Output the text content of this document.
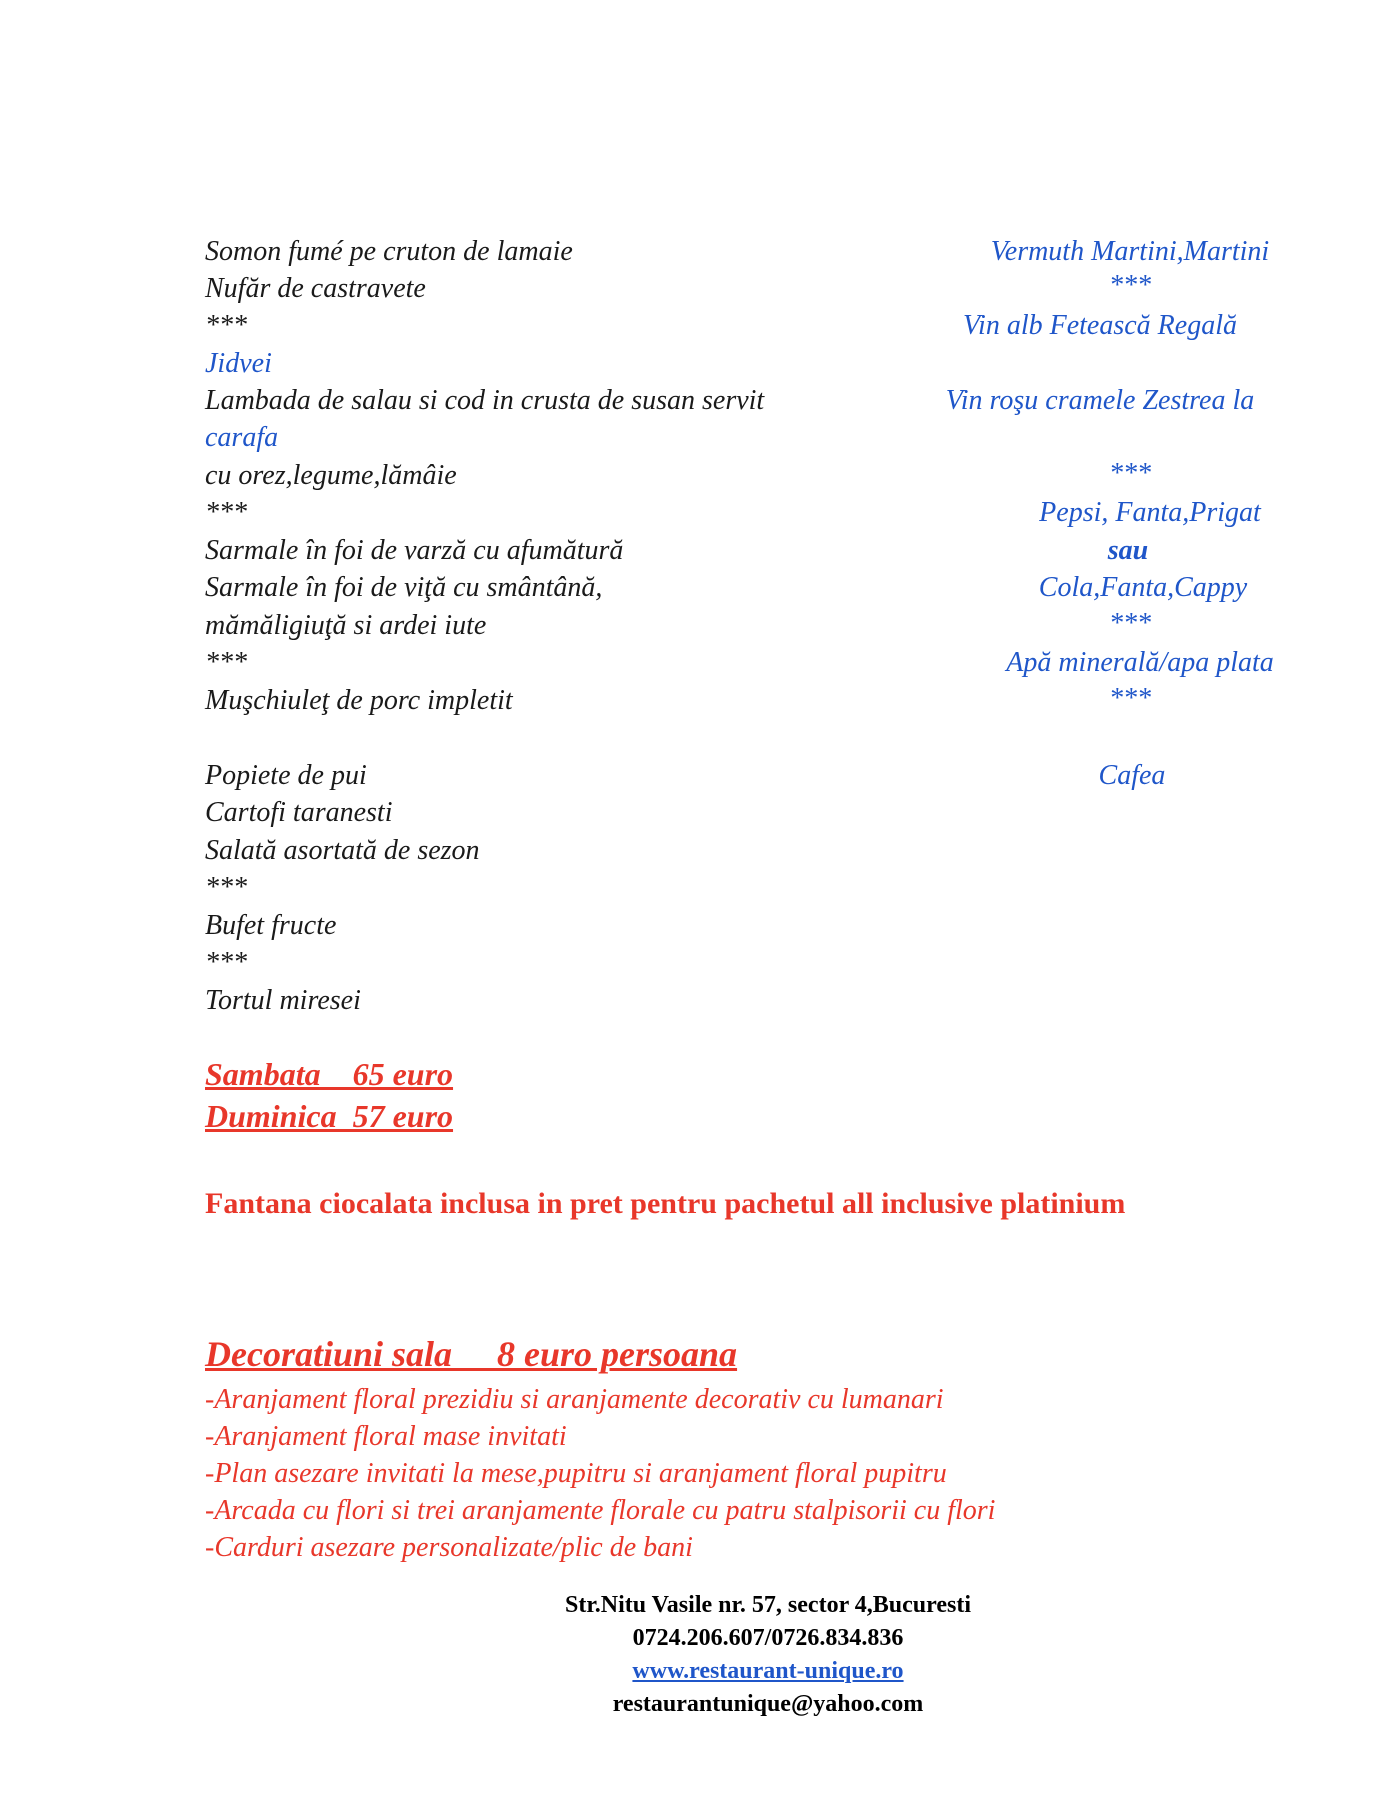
Somon fumé pe cruton de lamaie
Nufăr de castravete
***
Jidvei
Lambada de salau si cod in crusta de susan servit
carafa
cu orez,legume,lămâie
***
Sarmale în foi de varză cu afumătură
Sarmale în foi de viţă cu smântână,
mămăligiuţă si ardei iute
***
Muşchiuleţ de porc impletit
Popiete de pui
Cartofi taranesti
Salată asortată de sezon
***
Bufet fructe
***
Tortul miresei
Vermuth Martini,Martini
***
Vin alb Fetească Regală
Vin roşu cramele Zestrea la
***
Pepsi, Fanta,Prigat
sau
Cola,Fanta,Cappy
***
Apă minerală/apa plata
***
Cafea
Sambata    65 euro
Duminica  57 euro
Fantana ciocalata inclusa in pret pentru pachetul all inclusive platinium
Decoratiuni sala     8 euro persoana
-Aranjament floral prezidiu si aranjamente decorativ cu lumanari
-Aranjament floral mase invitati
-Plan asezare invitati la mese,pupitru si aranjament floral pupitru
-Arcada cu flori si trei aranjamente florale cu patru stalpisorii cu flori
-Carduri asezare personalizate/plic de bani
Str.Nitu Vasile nr. 57, sector 4,Bucuresti
0724.206.607/0726.834.836
www.restaurant-unique.ro
restaurantunique@yahoo.com
